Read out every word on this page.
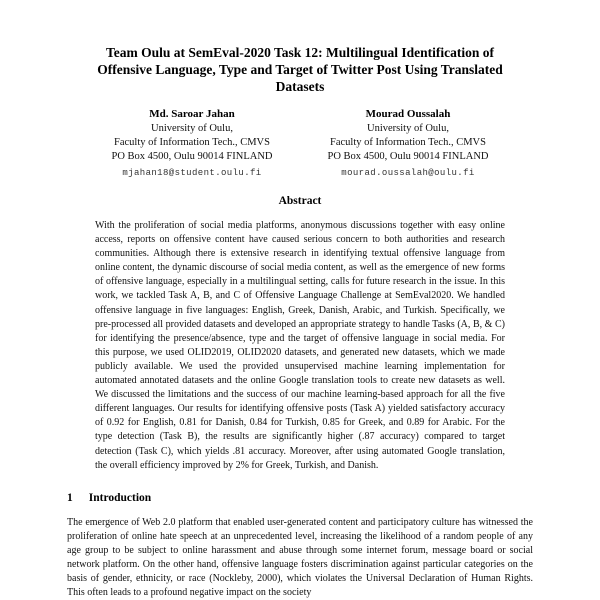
Team Oulu at SemEval-2020 Task 12: Multilingual Identification of Offensive Language, Type and Target of Twitter Post Using Translated Datasets
Md. Saroar Jahan
University of Oulu,
Faculty of Information Tech., CMVS
PO Box 4500, Oulu 90014 FINLAND
mjahan18@student.oulu.fi
Mourad Oussalah
University of Oulu,
Faculty of Information Tech., CMVS
PO Box 4500, Oulu 90014 FINLAND
mourad.oussalah@oulu.fi
Abstract
With the proliferation of social media platforms, anonymous discussions together with easy online access, reports on offensive content have caused serious concern to both authorities and research communities. Although there is extensive research in identifying textual offensive language from online content, the dynamic discourse of social media content, as well as the emergence of new forms of offensive language, especially in a multilingual setting, calls for future research in the issue. In this work, we tackled Task A, B, and C of Offensive Language Challenge at SemEval2020. We handled offensive language in five languages: English, Greek, Danish, Arabic, and Turkish. Specifically, we pre-processed all provided datasets and developed an appropriate strategy to handle Tasks (A, B, & C) for identifying the presence/absence, type and the target of offensive language in social media. For this purpose, we used OLID2019, OLID2020 datasets, and generated new datasets, which we made publicly available. We used the provided unsupervised machine learning implementation for automated annotated datasets and the online Google translation tools to create new datasets as well. We discussed the limitations and the success of our machine learning-based approach for all the five different languages. Our results for identifying offensive posts (Task A) yielded satisfactory accuracy of 0.92 for English, 0.81 for Danish, 0.84 for Turkish, 0.85 for Greek, and 0.89 for Arabic. For the type detection (Task B), the results are significantly higher (.87 accuracy) compared to target detection (Task C), which yields .81 accuracy. Moreover, after using automated Google translation, the overall efficiency improved by 2% for Greek, Turkish, and Danish.
1 Introduction
The emergence of Web 2.0 platform that enabled user-generated content and participatory culture has witnessed the proliferation of online hate speech at an unprecedented level, increasing the likelihood of a random people of any age group to be subject to online harassment and abuse through some internet forum, message board or social network platform. On the other hand, offensive language fosters discrimination against particular categories on the basis of gender, ethnicity, or race (Nockleby, 2000), which violates the Universal Declaration of Human Rights. This often leads to a profound negative impact on the society
